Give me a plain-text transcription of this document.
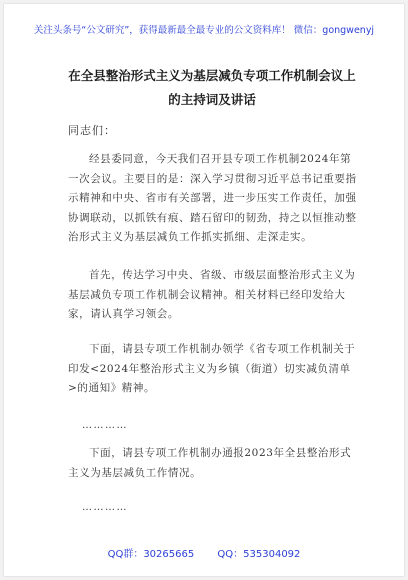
关注头条号“公文研究”，获得最新最全最专业的公文资料库！ 微信：gongwenyj
在全县整治形式主义为基层减负专项工作机制会议上的主持词及讲话
同志们：

经县委同意，今天我们召开县专项工作机制2024年第一次会议。主要目的是：深入学习贯彻习近平总书记重要指示精神和中央、省市有关部署，进一步压实工作责任，加强协调联动，以抓铁有痕、踏石留印的韧劲，持之以恒推动整治形式主义为基层减负工作抓实抓细、走深走实。

首先，传达学习中央、省级、市级层面整治形式主义为基层减负专项工作机制会议精神。相关材料已经印发给大家，请认真学习领会。

下面，请县专项工作机制办领学《省专项工作机制关于印发<2024年整治形式主义为乡镇（街道）切实减负清单>的通知》精神。

…………

下面，请县专项工作机制办通报2023年全县整治形式主义为基层减负工作情况。

…………
QQ群：30265665 QQ：535304092
